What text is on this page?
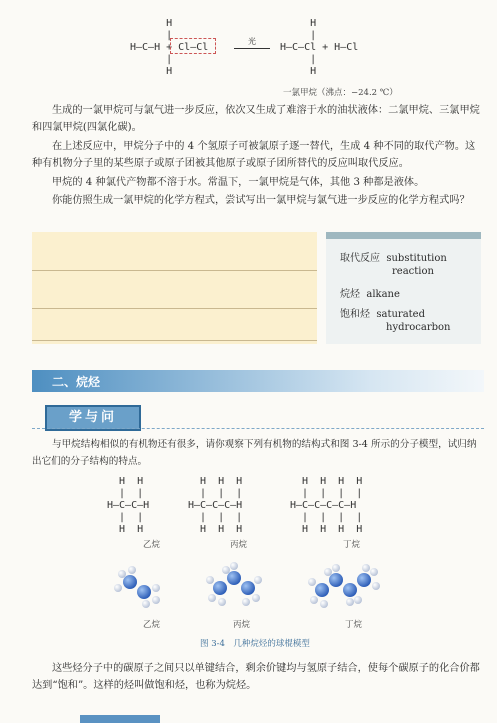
H
|
H—C—H + Cl—Cl
|
H
H
|
H—C—Cl + H—Cl
|
H
光
一氯甲烷（沸点：−24.2 ℃）
生成的一氯甲烷可与氯气进一步反应，依次又生成了难溶于水的油状液体：二氯甲烷、三氯甲烷和四氯甲烷(四氯化碳)。
在上述反应中，甲烷分子中的 4 个氢原子可被氯原子逐一替代，生成 4 种不同的取代产物。这种有机物分子里的某些原子或原子团被其他原子或原子团所替代的反应叫取代反应。
甲烷的 4 种氯代产物都不溶于水。常温下，一氯甲烷是气体，其他 3 种都是液体。
你能仿照生成一氯甲烷的化学方程式，尝试写出一氯甲烷与氯气进一步反应的化学方程式吗？
取代反应 substitution
reaction
烷烃 alkane
饱和烃 saturated
hydrocarbon
二、烷烃
学与问
与甲烷结构相似的有机物还有很多，请你观察下列有机物的结构式和图 3-4 所示的分子模型，试归纳出它们的分子结构的特点。
H  H
|  |
H—C—C—H
|  |
H  H
H  H  H
|  |  |
H—C—C—C—H
|  |  |
H  H  H
H  H  H  H
|  |  |  |
H—C—C—C—C—H
|  |  |  |
H  H  H  H
乙烷	丙烷	丁烷
乙烷	丙烷	丁烷
图 3-4　几种烷烃的球棍模型
这些烃分子中的碳原子之间只以单键结合，剩余价键均与氢原子结合，使每个碳原子的化合价都达到“饱和”。这样的烃叫做饱和烃，也称为烷烃。
